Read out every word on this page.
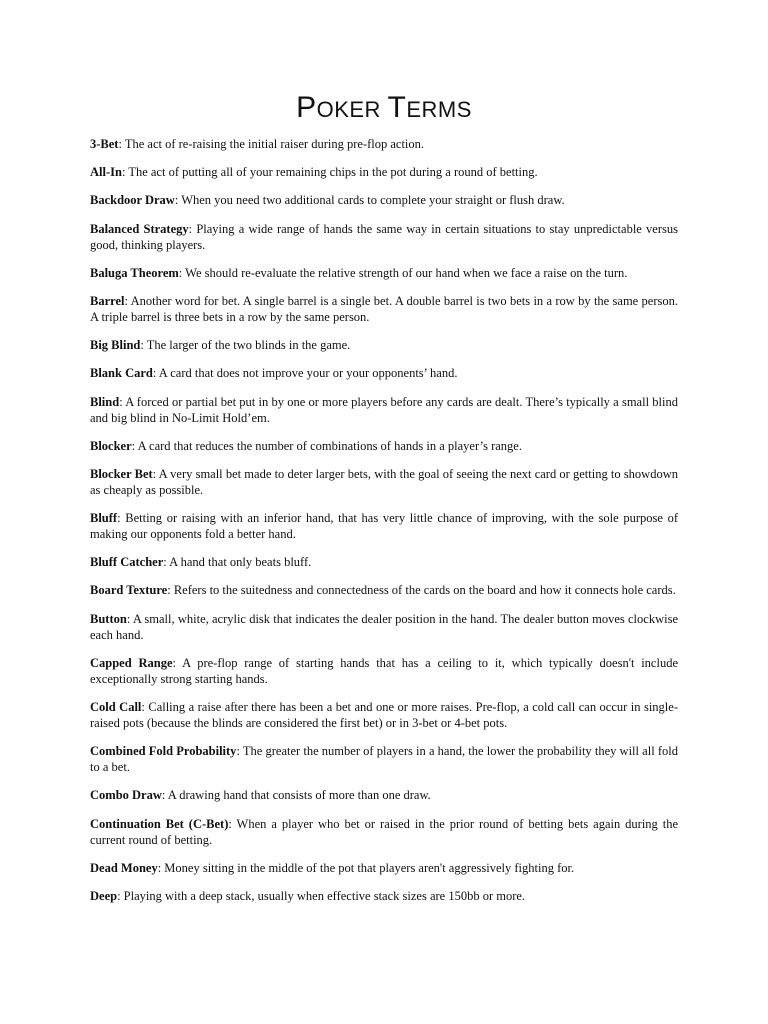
POKER TERMS

3-Bet: The act of re-raising the initial raiser during pre-flop action.

All-In: The act of putting all of your remaining chips in the pot during a round of betting.

Backdoor Draw: When you need two additional cards to complete your straight or flush draw.

Balanced Strategy: Playing a wide range of hands the same way in certain situations to stay unpredictable versus good, thinking players.

Baluga Theorem: We should re-evaluate the relative strength of our hand when we face a raise on the turn.

Barrel: Another word for bet. A single barrel is a single bet. A double barrel is two bets in a row by the same person. A triple barrel is three bets in a row by the same person.

Big Blind: The larger of the two blinds in the game.

Blank Card: A card that does not improve your or your opponents’ hand.

Blind: A forced or partial bet put in by one or more players before any cards are dealt. There’s typically a small blind and big blind in No-Limit Hold’em.

Blocker: A card that reduces the number of combinations of hands in a player’s range.

Blocker Bet: A very small bet made to deter larger bets, with the goal of seeing the next card or getting to showdown as cheaply as possible.

Bluff: Betting or raising with an inferior hand, that has very little chance of improving, with the sole purpose of making our opponents fold a better hand.

Bluff Catcher: A hand that only beats bluff.

Board Texture: Refers to the suitedness and connectedness of the cards on the board and how it connects hole cards.

Button: A small, white, acrylic disk that indicates the dealer position in the hand. The dealer button moves clockwise each hand.

Capped Range: A pre-flop range of starting hands that has a ceiling to it, which typically doesn't include exceptionally strong starting hands.

Cold Call: Calling a raise after there has been a bet and one or more raises. Pre-flop, a cold call can occur in single-raised pots (because the blinds are considered the first bet) or in 3-bet or 4-bet pots.

Combined Fold Probability: The greater the number of players in a hand, the lower the probability they will all fold to a bet.

Combo Draw: A drawing hand that consists of more than one draw.

Continuation Bet (C-Bet): When a player who bet or raised in the prior round of betting bets again during the current round of betting.

Dead Money: Money sitting in the middle of the pot that players aren't aggressively fighting for.

Deep: Playing with a deep stack, usually when effective stack sizes are 150bb or more.
